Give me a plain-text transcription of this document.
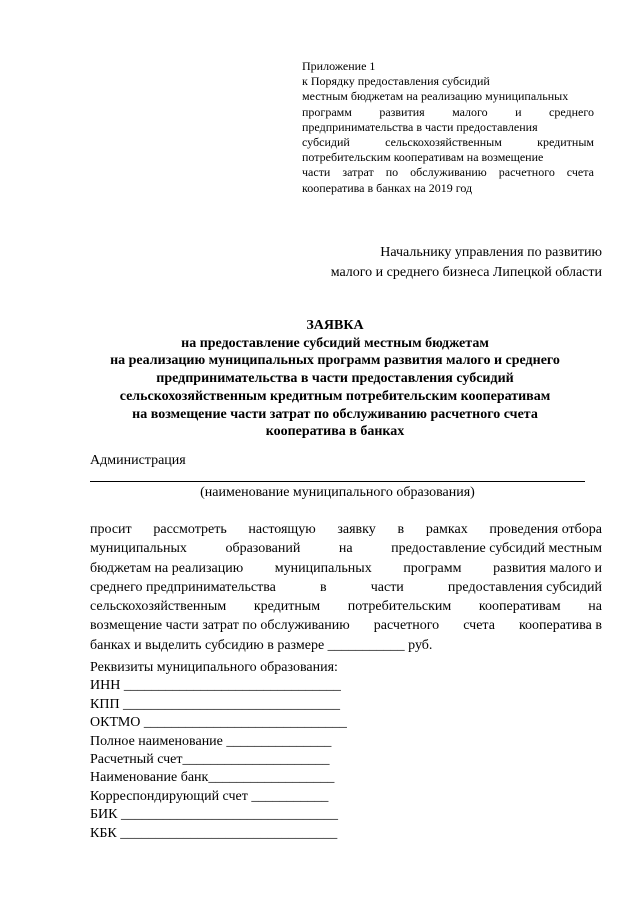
Приложение 1
к Порядку предоставления субсидий
местным бюджетам на реализацию муниципальных
программ развития малого и среднего
предпринимательства в части предоставления
субсидий	сельскохозяйственным	кредитным
потребительским кооперативам на возмещение
части затрат по обслуживанию расчетного счета
кооператива в банках на 2019 год
Начальнику управления по развитию
малого и среднего бизнеса Липецкой области
ЗАЯВКА
на предоставление субсидий местным бюджетам
на реализацию муниципальных программ развития малого и среднего
предпринимательства в части предоставления субсидий
сельскохозяйственным кредитным потребительским кооперативам
на возмещение части затрат по обслуживанию расчетного счета
кооператива в банках
Администрация
(наименование муниципального образования)
просит рассмотреть настоящую заявку в рамках проведения отбора
муниципальных	образований	на	предоставление субсидий местным
бюджетам на реализацию муниципальных программ развития малого и
среднего предпринимательства	в	части	предоставления субсидий
сельскохозяйственным кредитным потребительским кооперативам на
возмещение части затрат по обслуживанию расчетного счета кооператива в
банках и выделить субсидию в размере ___________ руб.
Реквизиты муниципального образования:
ИНН _______________________________
КПП _______________________________
ОКТМО _____________________________
Полное наименование _______________
Расчетный счет_____________________
Наименование банк__________________
Корреспондирующий счет ___________
БИК _______________________________
КБК _______________________________
